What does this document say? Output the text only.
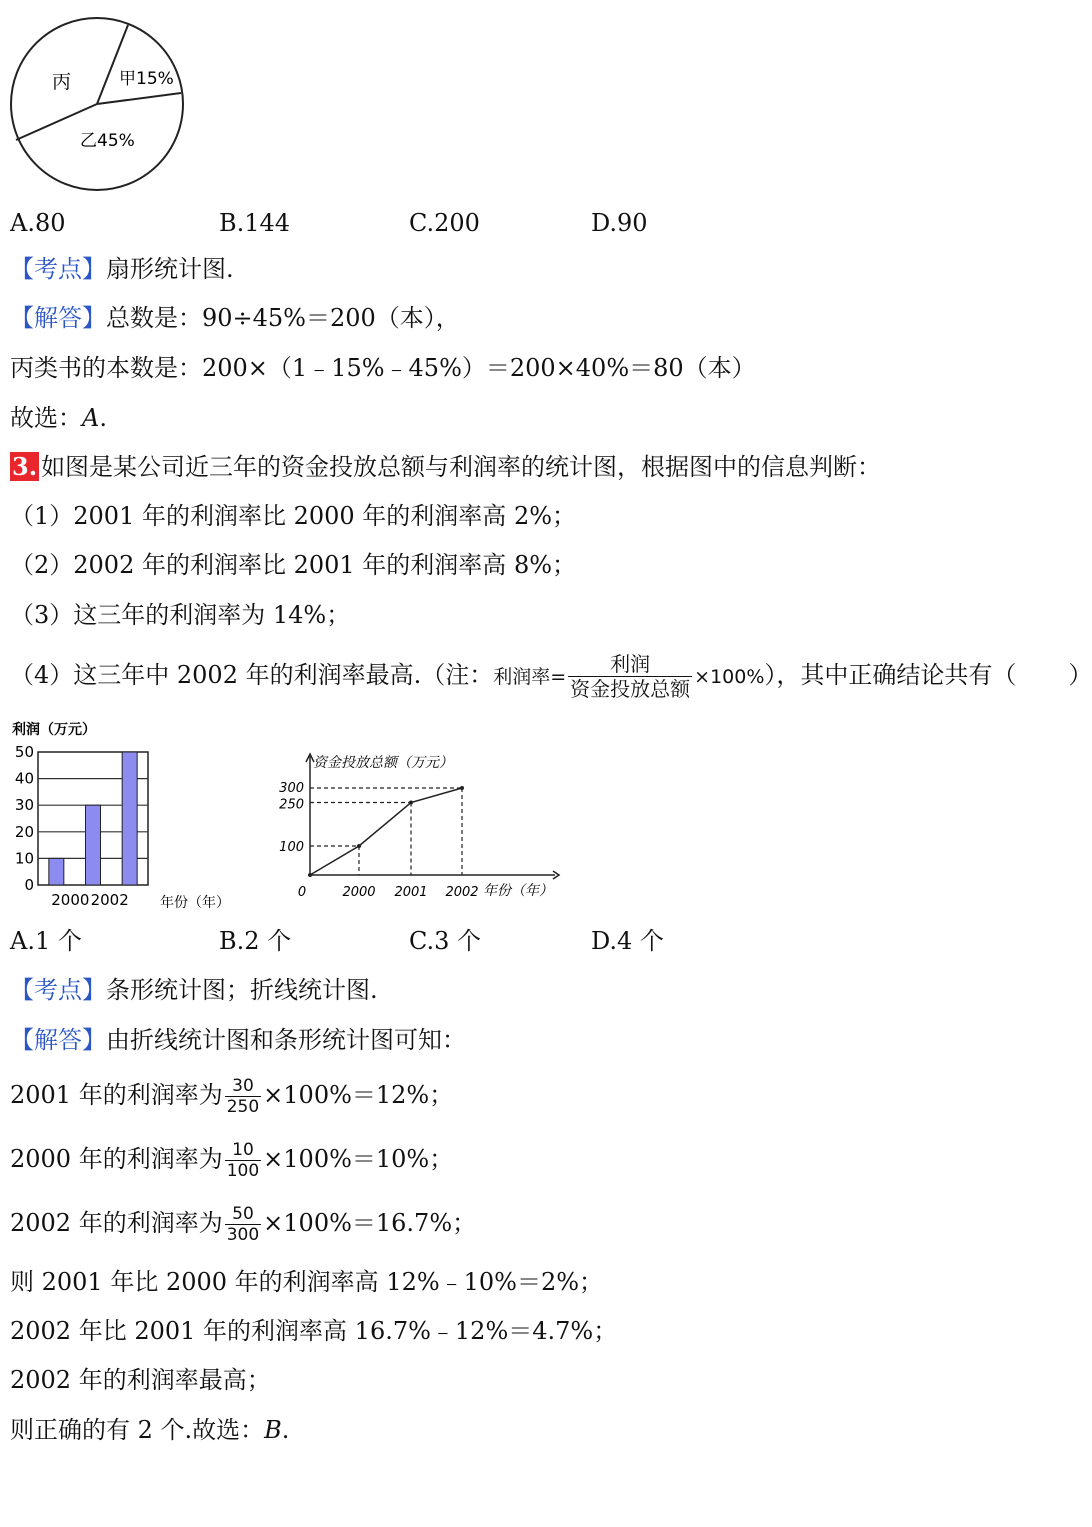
丙	甲15%
乙45%
A.80	B.144	C.200	D.90
【考点】扇形统计图.
【解答】总数是：90÷45%＝200（本），
丙类书的本数是：200×（1﹣15%﹣45%）＝200×40%＝80（本）
故选：A.
3. 如图是某公司近三年的资金投放总额与利润率的统计图，根据图中的信息判断：
（1）2001 年的利润率比 2000 年的利润率高 2%；
（2）2002 年的利润率比 2001 年的利润率高 8%；
（3）这三年的利润率为 14%；
（4）这三年中 2002 年的利润率最高.（注：利润率= $\frac{\text{利润}}{\text{资金投放总额}} \times 100\%$），其中正确结论共有（ ）
利润（万元）
年份（年）
50
40
30
20
10
0
2000 2002
资金投放总额（万元）
年份（年）
300
250
100
0	2000 2001 2002
A.1 个	B.2 个	C.3 个	D.4 个
【考点】条形统计图；折线统计图.
【解答】由折线统计图和条形统计图可知：
2001 年的利润率为 $\frac{30}{250} \times 100\%=12\%$；
2000 年的利润率为 $\frac{10}{100} \times 100\%=10\%$；
2002 年的利润率为 $\frac{50}{300} \times 100\%=16.7\%$；
则 2001 年比 2000 年的利润率高 12%﹣10%＝2%；
2002 年比 2001 年的利润率高 16.7%﹣12%＝4.7%；
2002 年的利润率最高；
则正确的有 2 个.故选：B.
